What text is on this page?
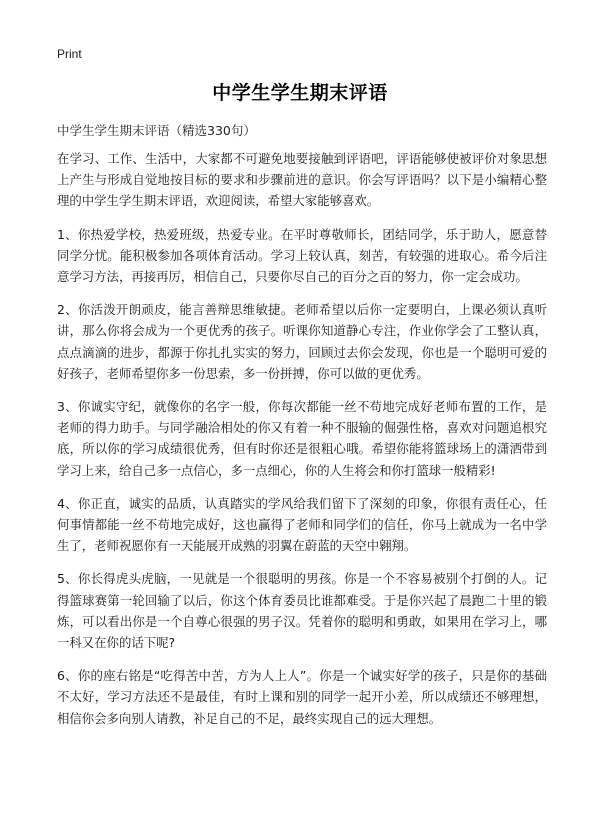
Print
中学生学生期末评语
中学生学生期末评语（精选330句）

在学习、工作、生活中，大家都不可避免地要接触到评语吧，评语能够使被评价对象思想上产生与形成自觉地按目标的要求和步骤前进的意识。你会写评语吗？以下是小编精心整理的中学生学生期末评语，欢迎阅读，希望大家能够喜欢。

1、你热爱学校，热爱班级，热爱专业。在平时尊敬师长，团结同学，乐于助人，愿意替同学分忧。能积极参加各项体育活动。学习上较认真，刻苦，有较强的进取心。希今后注意学习方法，再接再厉，相信自己，只要你尽自己的百分之百的努力，你一定会成功。

2、你活泼开朗顽皮，能言善辩思维敏捷。老师希望以后你一定要明白，上课必须认真听讲，那么你将会成为一个更优秀的孩子。听课你知道静心专注，作业你学会了工整认真，点点滴滴的进步，都源于你扎扎实实的努力，回顾过去你会发现，你也是一个聪明可爱的好孩子，老师希望你多一份思索，多一份拼搏，你可以做的更优秀。

3、你诚实守纪，就像你的名字一般，你每次都能一丝不苟地完成好老师布置的工作，是老师的得力助手。与同学融洽相处的你又有着一种不服输的倔强性格，喜欢对问题追根究底，所以你的学习成绩很优秀，但有时你还是很粗心哦。希望你能将篮球场上的潇洒带到学习上来，给自己多一点信心，多一点细心，你的人生将会和你打篮球一般精彩!

4、你正直，诚实的品质，认真踏实的学风给我们留下了深刻的印象，你很有责任心，任何事情都能一丝不苟地完成好，这也赢得了老师和同学们的信任，你马上就成为一名中学生了，老师祝愿你有一天能展开成熟的羽翼在蔚蓝的天空中翱翔。

5、你长得虎头虎脑，一见就是一个很聪明的男孩。你是一个不容易被别个打倒的人。记得篮球赛第一轮回输了以后，你这个体育委员比谁都难受。于是你兴起了晨跑二十里的锻炼，可以看出你是一个自尊心很强的男子汉。凭着你的聪明和勇敢，如果用在学习上，哪一科又在你的话下呢?

6、你的座右铭是“吃得苦中苦，方为人上人”。你是一个诚实好学的孩子，只是你的基础不太好，学习方法还不是最佳，有时上课和别的同学一起开小差，所以成绩还不够理想，相信你会多向别人请教，补足自己的不足，最终实现自己的远大理想。
